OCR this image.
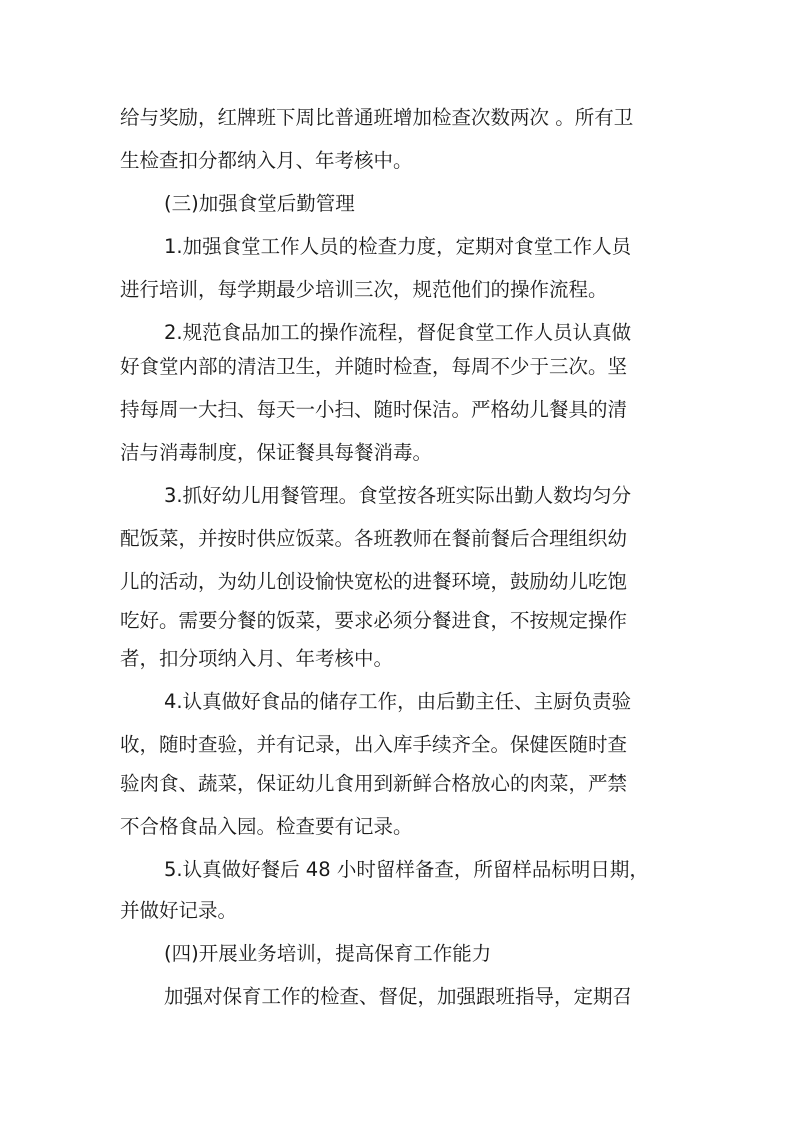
给与奖励，红牌班下周比普通班增加检查次数两次 。所有卫
生检查扣分都纳入月、年考核中。
(三)加强食堂后勤管理
1.加强食堂工作人员的检查力度，定期对食堂工作人员
进行培训，每学期最少培训三次，规范他们的操作流程。
2.规范食品加工的操作流程，督促食堂工作人员认真做
好食堂内部的清洁卫生，并随时检查，每周不少于三次。坚
持每周一大扫、每天一小扫、随时保洁。严格幼儿餐具的清
洁与消毒制度，保证餐具每餐消毒。
3.抓好幼儿用餐管理。食堂按各班实际出勤人数均匀分
配饭菜，并按时供应饭菜。各班教师在餐前餐后合理组织幼
儿的活动，为幼儿创设愉快宽松的进餐环境，鼓励幼儿吃饱
吃好。需要分餐的饭菜，要求必须分餐进食，不按规定操作
者，扣分项纳入月、年考核中。
4.认真做好食品的储存工作，由后勤主任、主厨负责验
收，随时查验，并有记录，出入库手续齐全。保健医随时查
验肉食、蔬菜，保证幼儿食用到新鲜合格放心的肉菜，严禁
不合格食品入园。检查要有记录。
5.认真做好餐后 48 小时留样备查，所留样品标明日期，
并做好记录。
(四)开展业务培训，提高保育工作能力
加强对保育工作的检查、督促，加强跟班指导，定期召
